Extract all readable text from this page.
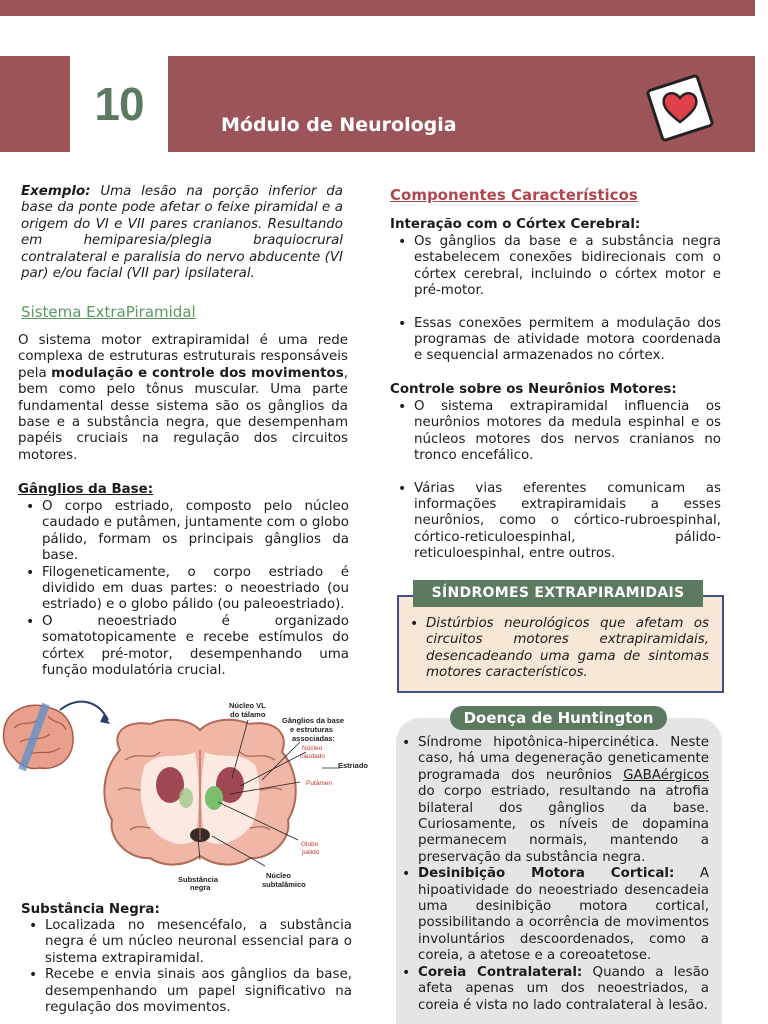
10	Módulo de Neurologia

Exemplo: Uma lesão na porção inferior da base da ponte pode afetar o feixe piramidal e a origem do VI e VII pares cranianos. Resultando em hemiparesia/plegia braquiocrural contralateral e paralisia do nervo abducente (VI par) e/ou facial (VII par) ipsilateral.

Sistema ExtraPiramidal

O sistema motor extrapiramidal é uma rede complexa de estruturas estruturais responsáveis pela modulação e controle dos movimentos, bem como pelo tônus muscular. Uma parte fundamental desse sistema são os gânglios da base e a substância negra, que desempenham papéis cruciais na regulação dos circuitos motores.

Gânglios da Base:
• O corpo estriado, composto pelo núcleo caudado e putâmen, juntamente com o globo pálido, formam os principais gânglios da base.
• Filogeneticamente, o corpo estriado é dividido em duas partes: o neoestriado (ou estriado) e o globo pálido (ou paleoestriado).
• O neoestriado é organizado somatotopicamente e recebe estímulos do córtex pré-motor, desempenhando uma função modulatória crucial.
Núcleo VL
do tálamo
Gânglios da base
e estruturas
associadas:
Núcleo
caudado
Estriado
Putâmen
Globo
pálido
Substância
negra
Núcleo
subtalâmico
Substância Negra:
• Localizada no mesencéfalo, a substância negra é um núcleo neuronal essencial para o sistema extrapiramidal.
• Recebe e envia sinais aos gânglios da base, desempenhando um papel significativo na regulação dos movimentos.
Componentes Característicos
Interação com o Córtex Cerebral:
• Os gânglios da base e a substância negra estabelecem conexões bidirecionais com o córtex cerebral, incluindo o córtex motor e pré-motor.
• Essas conexões permitem a modulação dos programas de atividade motora coordenada e sequencial armazenados no córtex.
Controle sobre os Neurônios Motores:
• O sistema extrapiramidal influencia os neurônios motores da medula espinhal e os núcleos motores dos nervos cranianos no tronco encefálico.
• Várias vias eferentes comunicam as informações extrapiramidais a esses neurônios, como o córtico-rubroespinhal, córtico-reticuloespinhal, pálido-reticuloespinhal, entre outros.
SÍNDROMES EXTRAPIRAMIDAIS
• Distúrbios neurológicos que afetam os circuitos motores extrapiramidais, desencadeando uma gama de sintomas motores característicos.
Doença de Huntington
• Síndrome hipotônica-hipercinética. Neste caso, há uma degeneração geneticamente programada dos neurônios GABAérgicos do corpo estriado, resultando na atrofia bilateral dos gânglios da base. Curiosamente, os níveis de dopamina permanecem normais, mantendo a preservação da substância negra.
• Desinibição Motora Cortical: A hipoatividade do neoestriado desencadeia uma desinibição motora cortical, possibilitando a ocorrência de movimentos involuntários descoordenados, como a coreia, a atetose e a coreoatetose.
• Coreia Contralateral: Quando a lesão afeta apenas um dos neoestriados, a coreia é vista no lado contralateral à lesão.
